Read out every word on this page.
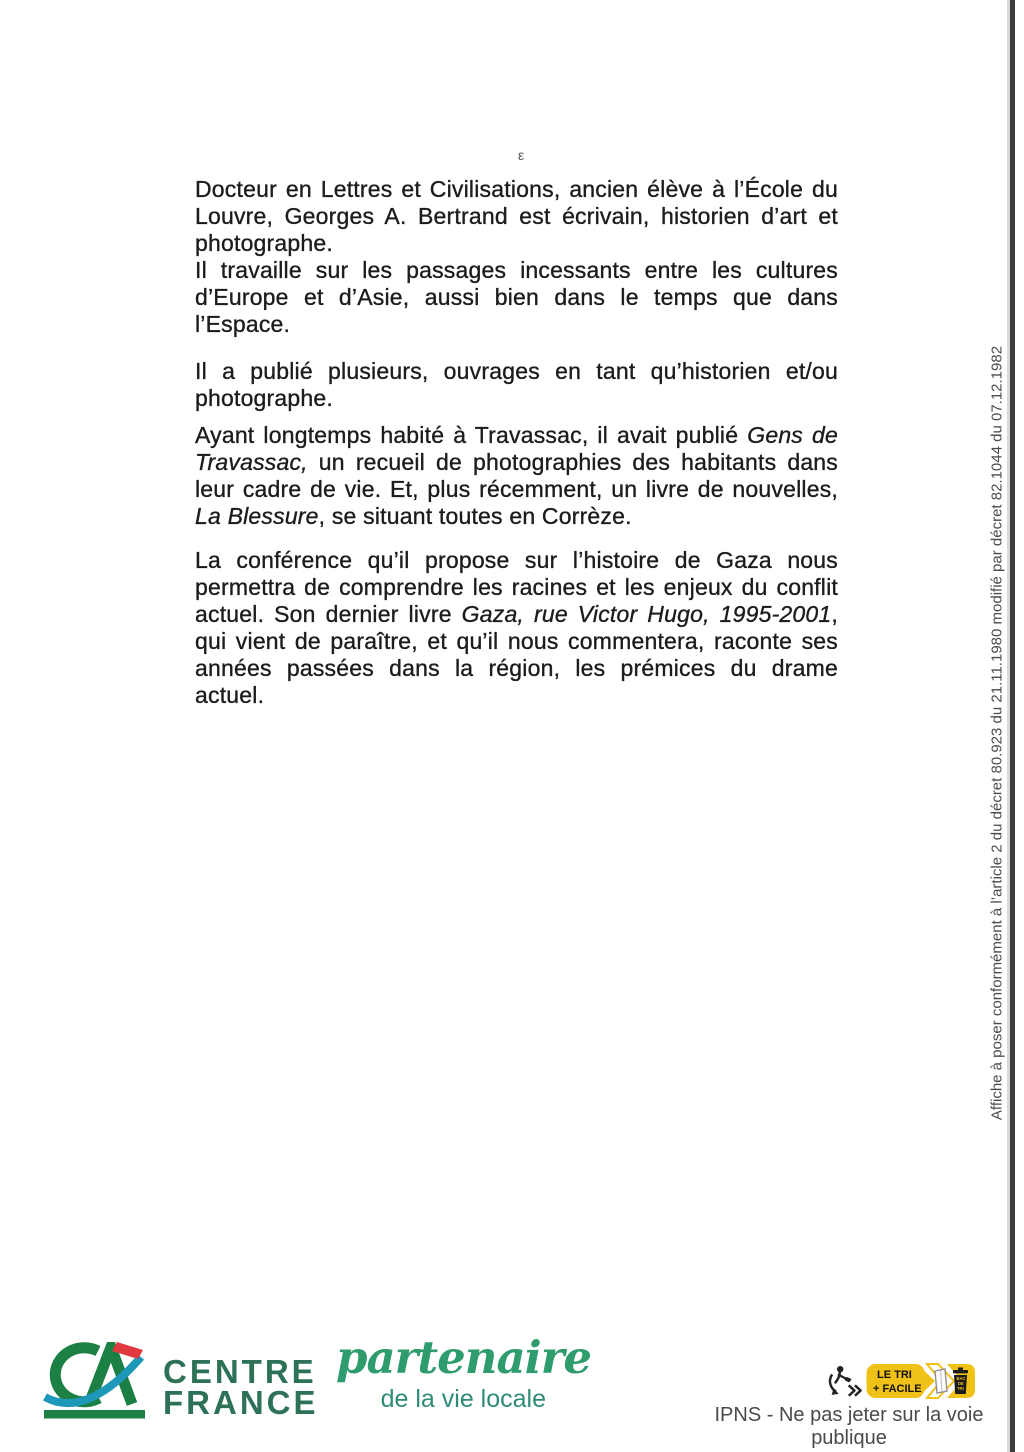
ε

Docteur en Lettres et Civilisations, ancien élève à l’École du Louvre, Georges A. Bertrand est écrivain, historien d’art et photographe.

Il travaille sur les passages incessants entre les cultures d’Europe et d’Asie, aussi bien dans le temps que dans l’Espace.

Il a publié plusieurs, ouvrages en tant qu’historien et/ou photographe.

Ayant longtemps habité à Travassac, il avait publié Gens de Travassac, un recueil de photographies des habitants dans leur cadre de vie. Et, plus récemment, un livre de nouvelles, La Blessure, se situant toutes en Corrèze.

La conférence qu’il propose sur l’histoire de Gaza nous permettra de comprendre les racines et les enjeux du conflit actuel. Son dernier livre Gaza, rue Victor Hugo, 1995-2001, qui vient de paraître, et qu’il nous commentera, raconte ses années passées dans la région, les prémices du drame actuel.	Affiche à poser conformément à l’article 2 du décret 80.923 du 21.11.1980 modifié par décret 82.1044 du 07.12.1982
CENTRE
FRANCE
partenaire
de la vie locale
LE TRI
+ FACILE
BAC
DE
TRI
IPNS - Ne pas jeter sur la voie publique
